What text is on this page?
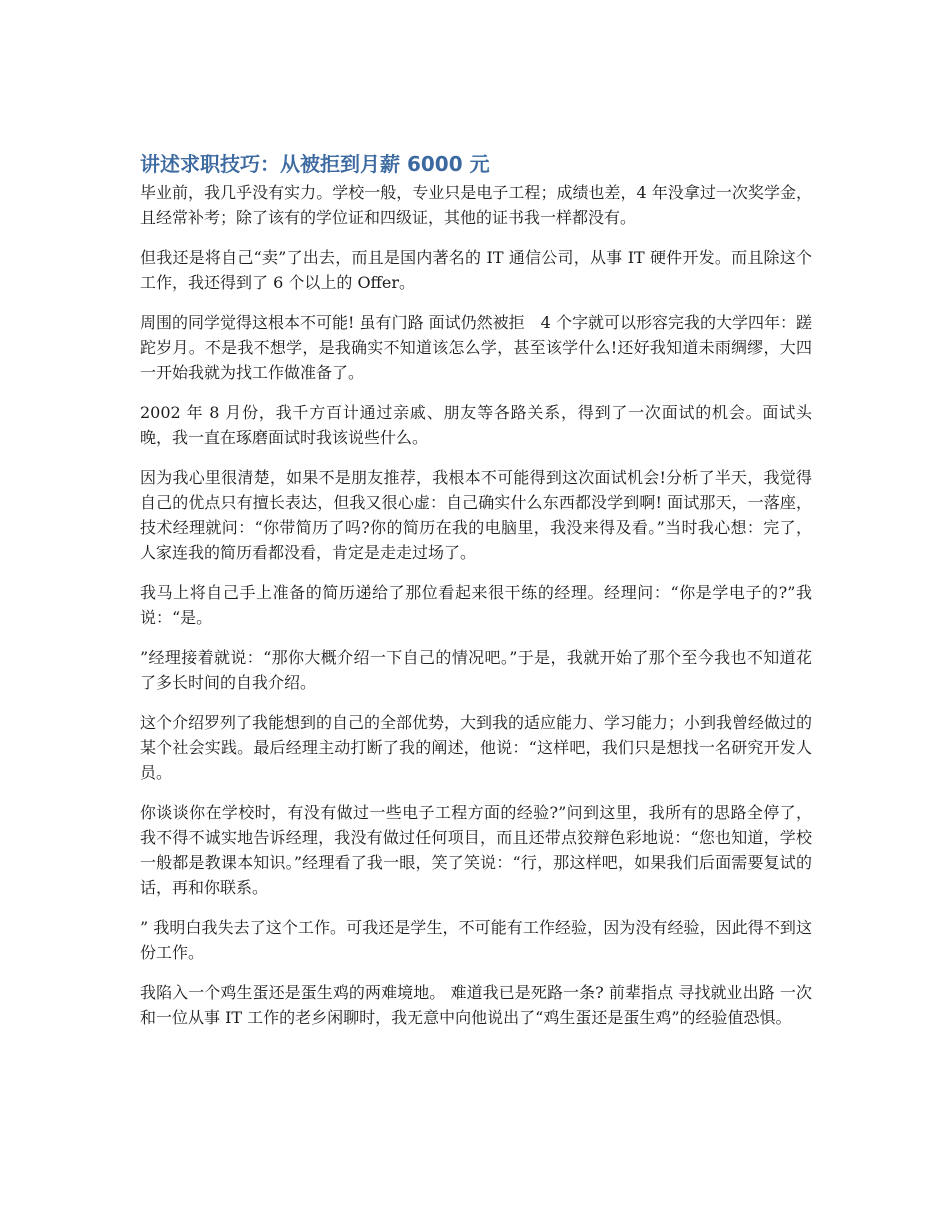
讲述求职技巧：从被拒到月薪 6000 元

毕业前，我几乎没有实力。学校一般，专业只是电子工程；成绩也差，4 年没拿过一次奖学金，且经常补考；除了该有的学位证和四级证，其他的证书我一样都没有。

但我还是将自己“卖”了出去，而且是国内著名的 IT 通信公司，从事 IT 硬件开发。而且除这个工作，我还得到了 6 个以上的 Offer。

周围的同学觉得这根本不可能! 虽有门路 面试仍然被拒　4 个字就可以形容完我的大学四年：蹉跎岁月。不是我不想学，是我确实不知道该怎么学，甚至该学什么!还好我知道未雨绸缪，大四一开始我就为找工作做准备了。

2002 年 8 月份，我千方百计通过亲戚、朋友等各路关系，得到了一次面试的机会。面试头晚，我一直在琢磨面试时我该说些什么。

因为我心里很清楚，如果不是朋友推荐，我根本不可能得到这次面试机会!分析了半天，我觉得自己的优点只有擅长表达，但我又很心虚：自己确实什么东西都没学到啊! 面试那天，一落座，技术经理就问：“你带简历了吗?你的简历在我的电脑里，我没来得及看。”当时我心想：完了，人家连我的简历看都没看，肯定是走走过场了。

我马上将自己手上准备的简历递给了那位看起来很干练的经理。经理问：“你是学电子的?”我说：“是。

”经理接着就说：“那你大概介绍一下自己的情况吧。”于是，我就开始了那个至今我也不知道花了多长时间的自我介绍。

这个介绍罗列了我能想到的自己的全部优势，大到我的适应能力、学习能力；小到我曾经做过的某个社会实践。最后经理主动打断了我的阐述，他说：“这样吧，我们只是想找一名研究开发人员。

你谈谈你在学校时，有没有做过一些电子工程方面的经验?”问到这里，我所有的思路全停了，我不得不诚实地告诉经理，我没有做过任何项目，而且还带点狡辩色彩地说：“您也知道，学校一般都是教课本知识。”经理看了我一眼，笑了笑说：“行，那这样吧，如果我们后面需要复试的话，再和你联系。

” 我明白我失去了这个工作。可我还是学生，不可能有工作经验，因为没有经验，因此得不到这份工作。

我陷入一个鸡生蛋还是蛋生鸡的两难境地。 难道我已是死路一条? 前辈指点 寻找就业出路 一次和一位从事 IT 工作的老乡闲聊时，我无意中向他说出了“鸡生蛋还是蛋生鸡”的经验值恐惧。
